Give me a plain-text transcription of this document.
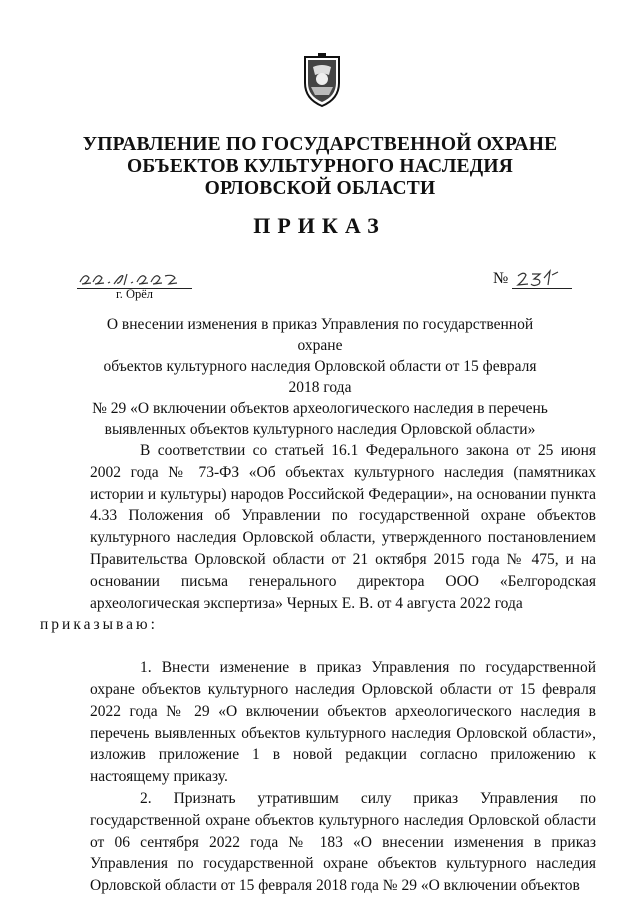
УПРАВЛЕНИЕ ПО ГОСУДАРСТВЕННОЙ ОХРАНЕ
ОБЪЕКТОВ КУЛЬТУРНОГО НАСЛЕДИЯ
ОРЛОВСКОЙ ОБЛАСТИ
ПРИКАЗ
г. Орёл
№
О внесении изменения в приказ Управления по государственной охране
объектов культурного наследия Орловской области от 15 февраля 2018 года
№ 29 «О включении объектов археологического наследия в перечень
выявленных объектов культурного наследия Орловской области»

В соответствии со статьей 16.1 Федерального закона от 25 июня 2002 года № 73-ФЗ «Об объектах культурного наследия (памятниках истории и культуры) народов Российской Федерации», на основании пункта 4.33 Положения об Управлении по государственной охране объектов культурного наследия Орловской области, утвержденного постановлением Правительства Орловской области от 21 октября 2015 года № 475, и на основании письма генерального директора ООО «Белгородская археологическая экспертиза» Черных Е. В. от 4 августа 2022 года
приказываю:

1. Внести изменение в приказ Управления по государственной охране объектов культурного наследия Орловской области от 15 февраля 2022 года № 29 «О включении объектов археологического наследия в перечень выявленных объектов культурного наследия Орловской области», изложив приложение 1 в новой редакции согласно приложению к настоящему приказу.

2. Признать утратившим силу приказ Управления по государственной охране объектов культурного наследия Орловской области от 06 сентября 2022 года № 183 «О внесении изменения в приказ Управления по государственной охране объектов культурного наследия Орловской области от 15 февраля 2018 года № 29 «О включении объектов
